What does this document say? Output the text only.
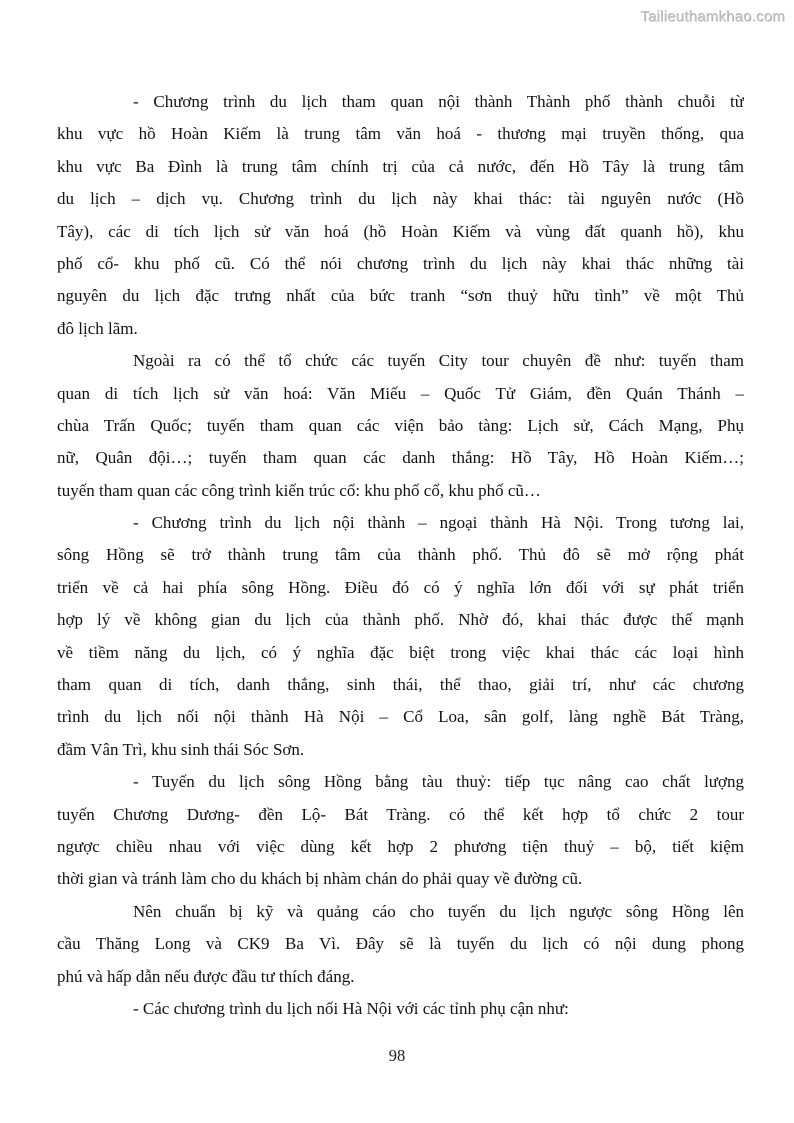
Tailieuthamkhao.com
- Chương trình du lịch tham quan nội thành Thành phố thành chuỗi từ
khu vực hồ Hoàn Kiếm là trung tâm văn hoá - thương mại truyền thống, qua
khu vực Ba Đình là trung tâm chính trị của cả nước, đến Hồ Tây là trung tâm
du lịch – dịch vụ. Chương trình du lịch này khai thác: tài nguyên nước (Hồ
Tây), các di tích lịch sử văn hoá (hồ Hoàn Kiếm và vùng đất quanh hồ), khu
phố cổ- khu phố cũ. Có thể nói chương trình du lịch này khai thác những tài
nguyên du lịch đặc trưng nhất của bức tranh “sơn thuỷ hữu tình” về một Thủ
đô lịch lãm.
Ngoài ra có thể tổ chức các tuyến City tour chuyên đề như: tuyến tham
quan di tích lịch sử văn hoá: Văn Miếu – Quốc Tử Giám, đền Quán Thánh –
chùa Trấn Quốc; tuyến tham quan các viện bảo tàng: Lịch sử, Cách Mạng, Phụ
nữ, Quân đội…; tuyến tham quan các danh thắng: Hồ Tây, Hồ Hoàn Kiếm…;
tuyến tham quan các công trình kiến trúc cổ: khu phố cổ, khu phố cũ…
- Chương trình du lịch nội thành – ngoại thành Hà Nội. Trong tương lai,
sông Hồng sẽ trở thành trung tâm của thành phố. Thủ đô sẽ mở rộng phát
triển về cả hai phía sông Hồng. Điều đó có ý nghĩa lớn đối với sự phát triển
hợp lý về không gian du lịch của thành phố. Nhờ đó, khai thác được thế mạnh
về tiềm năng du lịch, có ý nghĩa đặc biệt trong việc khai thác các loại hình
tham quan di tích, danh thắng, sinh thái, thể thao, giải trí, như các chương
trình du lịch nối nội thành Hà Nội – Cổ Loa, sân golf, làng nghề Bát Tràng,
đầm Vân Trì, khu sinh thái Sóc Sơn.
- Tuyến du lịch sông Hồng bằng tàu thuỷ: tiếp tục nâng cao chất lượng
tuyến Chương Dương- đền Lộ- Bát Tràng. có thể kết hợp tổ chức 2 tour
ngược chiều nhau với việc dùng kết hợp 2 phương tiện thuỷ – bộ, tiết kiệm
thời gian và tránh làm cho du khách bị nhàm chán do phải quay về đường cũ.
Nên chuẩn bị kỹ và quảng cáo cho tuyến du lịch ngược sông Hồng lên
cầu Thăng Long và CK9 Ba Vì. Đây sẽ là tuyến du lịch có nội dung phong
phú và hấp dẫn nếu được đầu tư thích đáng.
- Các chương trình du lịch nối Hà Nội với các tỉnh phụ cận như:
98
